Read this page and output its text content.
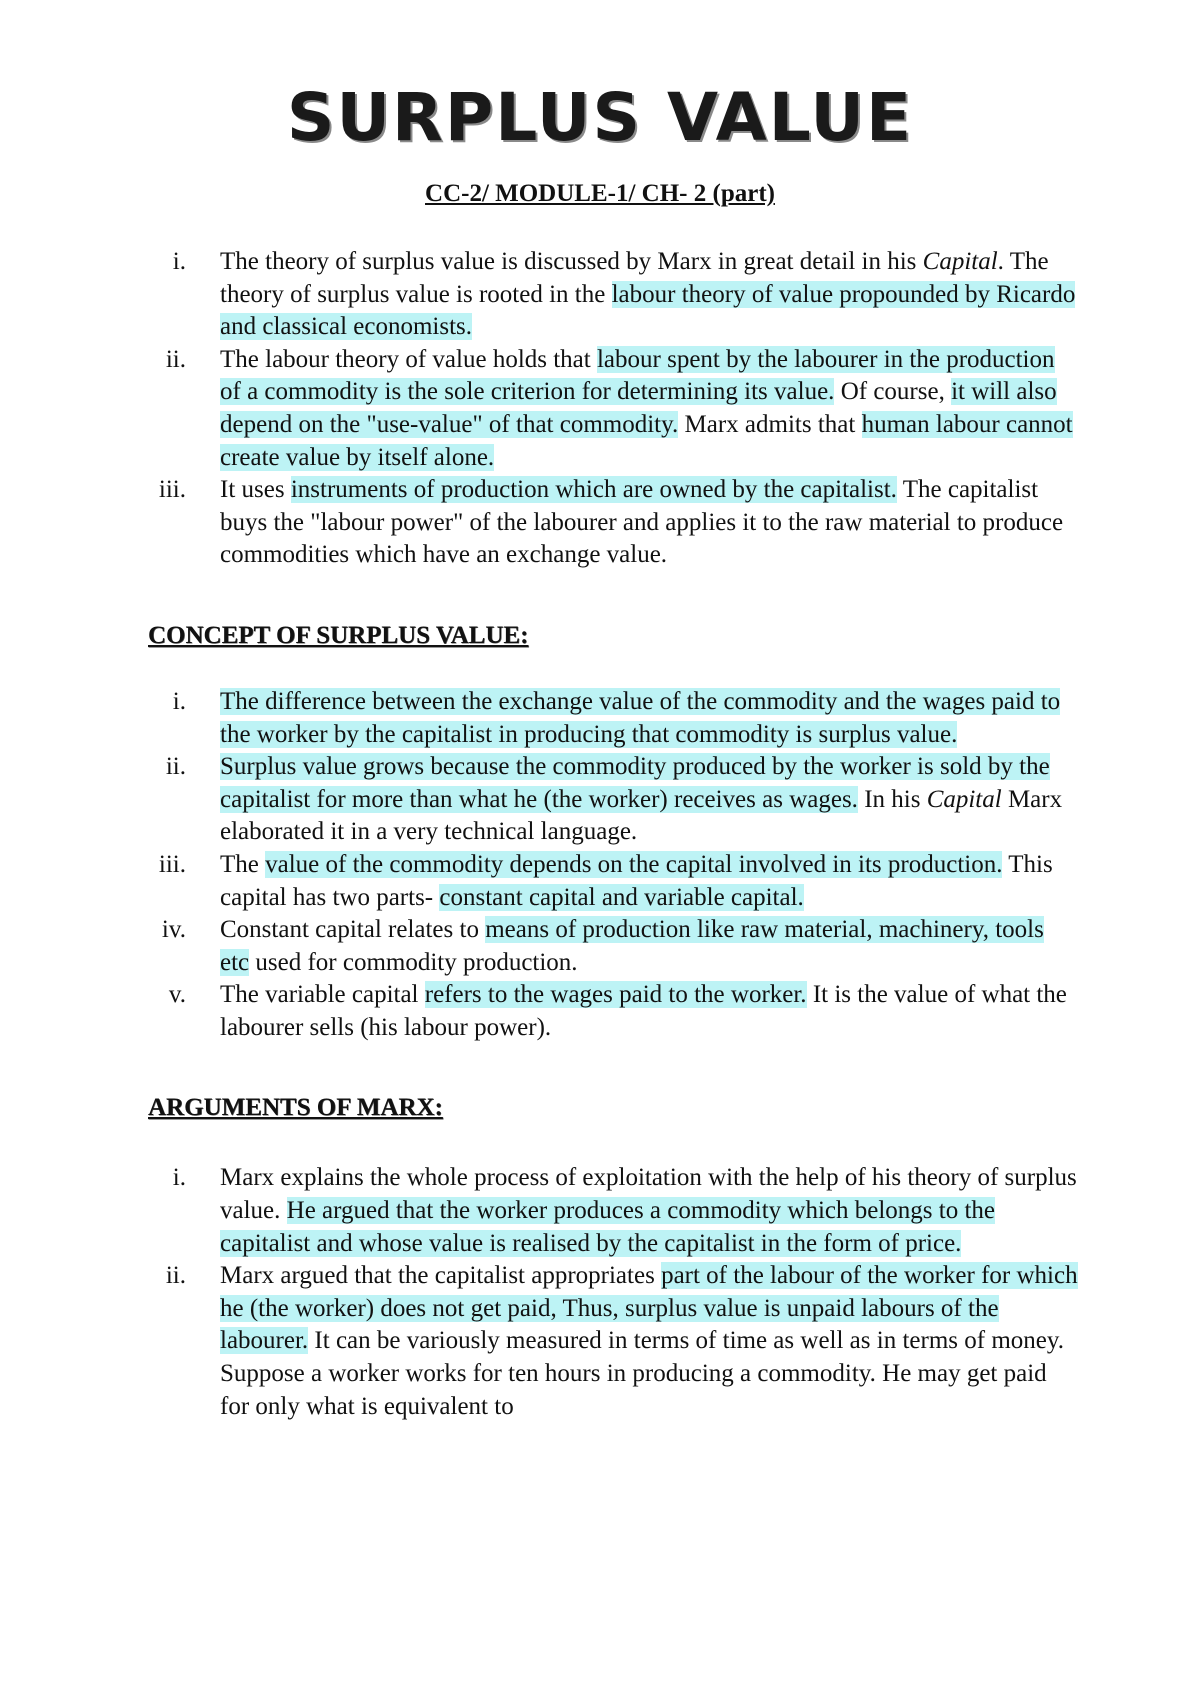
SURPLUS VALUE
CC-2/ MODULE-1/ CH- 2 (part)
i. The theory of surplus value is discussed by Marx in great detail in his Capital. The theory of surplus value is rooted in the labour theory of value propounded by Ricardo and classical economists.
ii. The labour theory of value holds that labour spent by the labourer in the production of a commodity is the sole criterion for determining its value. Of course, it will also depend on the "use-value" of that commodity. Marx admits that human labour cannot create value by itself alone.
iii. It uses instruments of production which are owned by the capitalist. The capitalist buys the "labour power" of the labourer and applies it to the raw material to produce commodities which have an exchange value.
CONCEPT OF SURPLUS VALUE:
i. The difference between the exchange value of the commodity and the wages paid to the worker by the capitalist in producing that commodity is surplus value.
ii. Surplus value grows because the commodity produced by the worker is sold by the capitalist for more than what he (the worker) receives as wages. In his Capital Marx elaborated it in a very technical language.
iii. The value of the commodity depends on the capital involved in its production. This capital has two parts- constant capital and variable capital.
iv. Constant capital relates to means of production like raw material, machinery, tools etc used for commodity production.
v. The variable capital refers to the wages paid to the worker. It is the value of what the labourer sells (his labour power).
ARGUMENTS OF MARX:
i. Marx explains the whole process of exploitation with the help of his theory of surplus value. He argued that the worker produces a commodity which belongs to the capitalist and whose value is realised by the capitalist in the form of price.
ii. Marx argued that the capitalist appropriates part of the labour of the worker for which he (the worker) does not get paid, Thus, surplus value is unpaid labours of the labourer. It can be variously measured in terms of time as well as in terms of money. Suppose a worker works for ten hours in producing a commodity. He may get paid for only what is equivalent to
